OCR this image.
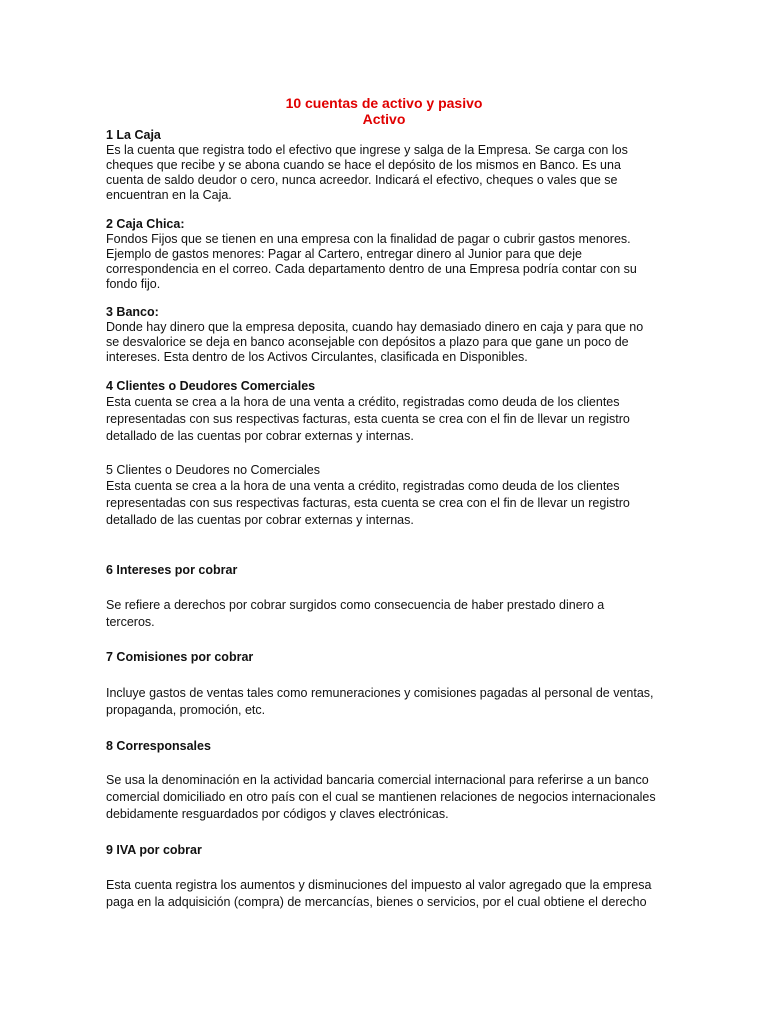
10 cuentas de activo y pasivo
Activo
1 La Caja
Es la cuenta que registra todo el efectivo que ingrese y salga de la Empresa. Se carga con los
cheques que recibe y se abona cuando se hace el depósito de los mismos en Banco. Es una
cuenta de saldo deudor o cero, nunca acreedor. Indicará el efectivo, cheques o vales que se
encuentran en la Caja.
2 Caja Chica:
Fondos Fijos que se tienen en una empresa con la finalidad de pagar o cubrir gastos menores.
Ejemplo de gastos menores: Pagar al Cartero, entregar dinero al Junior para que deje
correspondencia en el correo. Cada departamento dentro de una Empresa podría contar con su
fondo fijo.
3 Banco:
Donde hay dinero que la empresa deposita, cuando hay demasiado dinero en caja y para que no
se desvalorice se deja en banco aconsejable con depósitos a plazo para que gane un poco de
intereses. Esta dentro de los Activos Circulantes, clasificada en Disponibles.
4 Clientes o Deudores Comerciales
Esta cuenta se crea a la hora de una venta a crédito, registradas como deuda de los clientes
representadas con sus respectivas facturas, esta cuenta se crea con el fin de llevar un registro
detallado de las cuentas por cobrar externas y internas.
5 Clientes o Deudores no Comerciales
Esta cuenta se crea a la hora de una venta a crédito, registradas como deuda de los clientes
representadas con sus respectivas facturas, esta cuenta se crea con el fin de llevar un registro
detallado de las cuentas por cobrar externas y internas.
6 Intereses por cobrar
Se refiere a derechos por cobrar surgidos como consecuencia de haber prestado dinero a
terceros.
7 Comisiones por cobrar
Incluye gastos de ventas tales como remuneraciones y comisiones pagadas al personal de ventas,
propaganda, promoción, etc.
8 Corresponsales
Se usa la denominación en la actividad bancaria comercial internacional para referirse a un banco
comercial domiciliado en otro país con el cual se mantienen relaciones de negocios internacionales
debidamente resguardados por códigos y claves electrónicas.
9 IVA por cobrar
Esta cuenta registra los aumentos y disminuciones del impuesto al valor agregado que la empresa
paga en la adquisición (compra) de mercancías, bienes o servicios, por el cual obtiene el derecho
